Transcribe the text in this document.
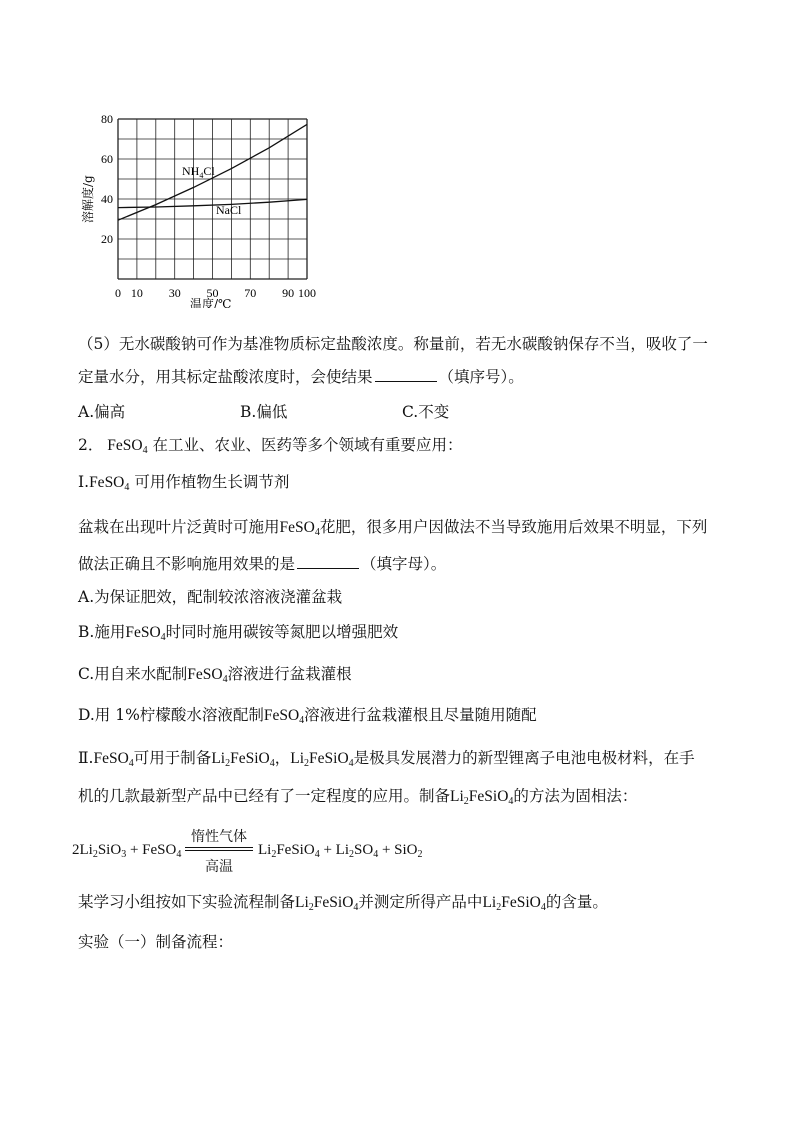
0 10 30 50 70 90 100
20
40
60
80
$NH_4Cl$
NaCl
溶解度/g
温度/℃
（5）无水碳酸钠可作为基准物质标定盐酸浓度。称量前，若无水碳酸钠保存不当，吸收了一
定量水分，用其标定盐酸浓度时，会使结果	（填序号）。
A.偏高	B.偏低	C.不变
2． FeSO$_4$ 在工业、农业、医药等多个领域有重要应用：
Ⅰ.FeSO$_4$ 可用作植物生长调节剂
盆栽在出现叶片泛黄时可施用FeSO$_4$花肥，很多用户因做法不当导致施用后效果不明显，下列
做法正确且不影响施用效果的是	（填字母）。
A.为保证肥效，配制较浓溶液浇灌盆栽
B.施用FeSO$_4$时同时施用碳铵等氮肥以增强肥效
C.用自来水配制FeSO$_4$溶液进行盆栽灌根
D.用 1%柠檬酸水溶液配制FeSO$_4$溶液进行盆栽灌根且尽量随用随配
Ⅱ.FeSO$_4$可用于制备$Li_2FeSiO_4$，$Li_2FeSiO_4$是极具发展潜力的新型锂离子电池电极材料，在手
机的几款最新型产品中已经有了一定程度的应用。制备$Li_2FeSiO_4$的方法为固相法：
$2Li_2SiO_3$ + FeSO$_4$
惰性气体
高温
$Li_2FeSiO_4 + Li_2SO_4 + SiO_2$
某学习小组按如下实验流程制备$Li_2FeSiO_4$并测定所得产品中$Li_2FeSiO_4$的含量。
实验（一）制备流程：
